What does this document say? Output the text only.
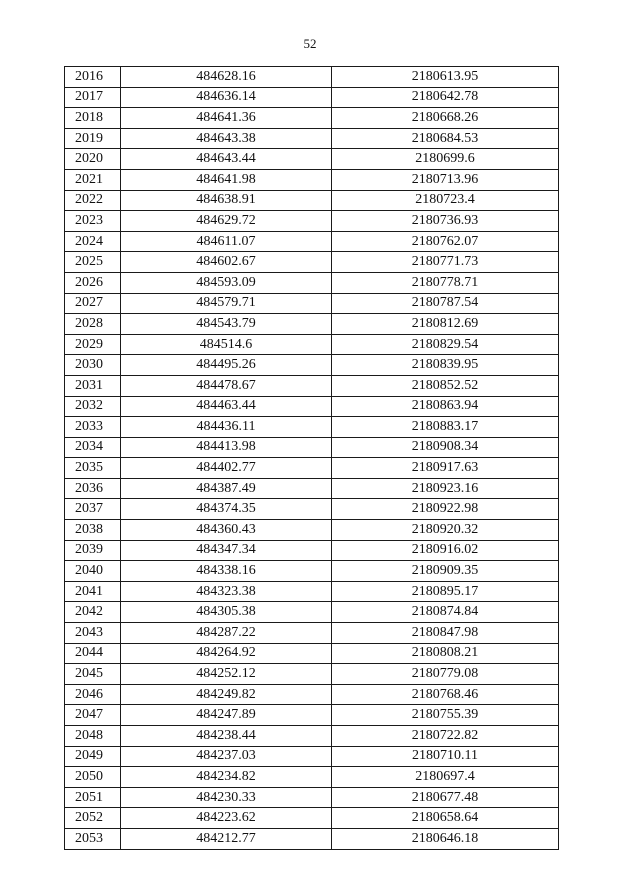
52
2016	484628.16	2180613.95
2017	484636.14	2180642.78
2018	484641.36	2180668.26
2019	484643.38	2180684.53
2020	484643.44	2180699.6
2021	484641.98	2180713.96
2022	484638.91	2180723.4
2023	484629.72	2180736.93
2024	484611.07	2180762.07
2025	484602.67	2180771.73
2026	484593.09	2180778.71
2027	484579.71	2180787.54
2028	484543.79	2180812.69
2029	484514.6	2180829.54
2030	484495.26	2180839.95
2031	484478.67	2180852.52
2032	484463.44	2180863.94
2033	484436.11	2180883.17
2034	484413.98	2180908.34
2035	484402.77	2180917.63
2036	484387.49	2180923.16
2037	484374.35	2180922.98
2038	484360.43	2180920.32
2039	484347.34	2180916.02
2040	484338.16	2180909.35
2041	484323.38	2180895.17
2042	484305.38	2180874.84
2043	484287.22	2180847.98
2044	484264.92	2180808.21
2045	484252.12	2180779.08
2046	484249.82	2180768.46
2047	484247.89	2180755.39
2048	484238.44	2180722.82
2049	484237.03	2180710.11
2050	484234.82	2180697.4
2051	484230.33	2180677.48
2052	484223.62	2180658.64
2053	484212.77	2180646.18
